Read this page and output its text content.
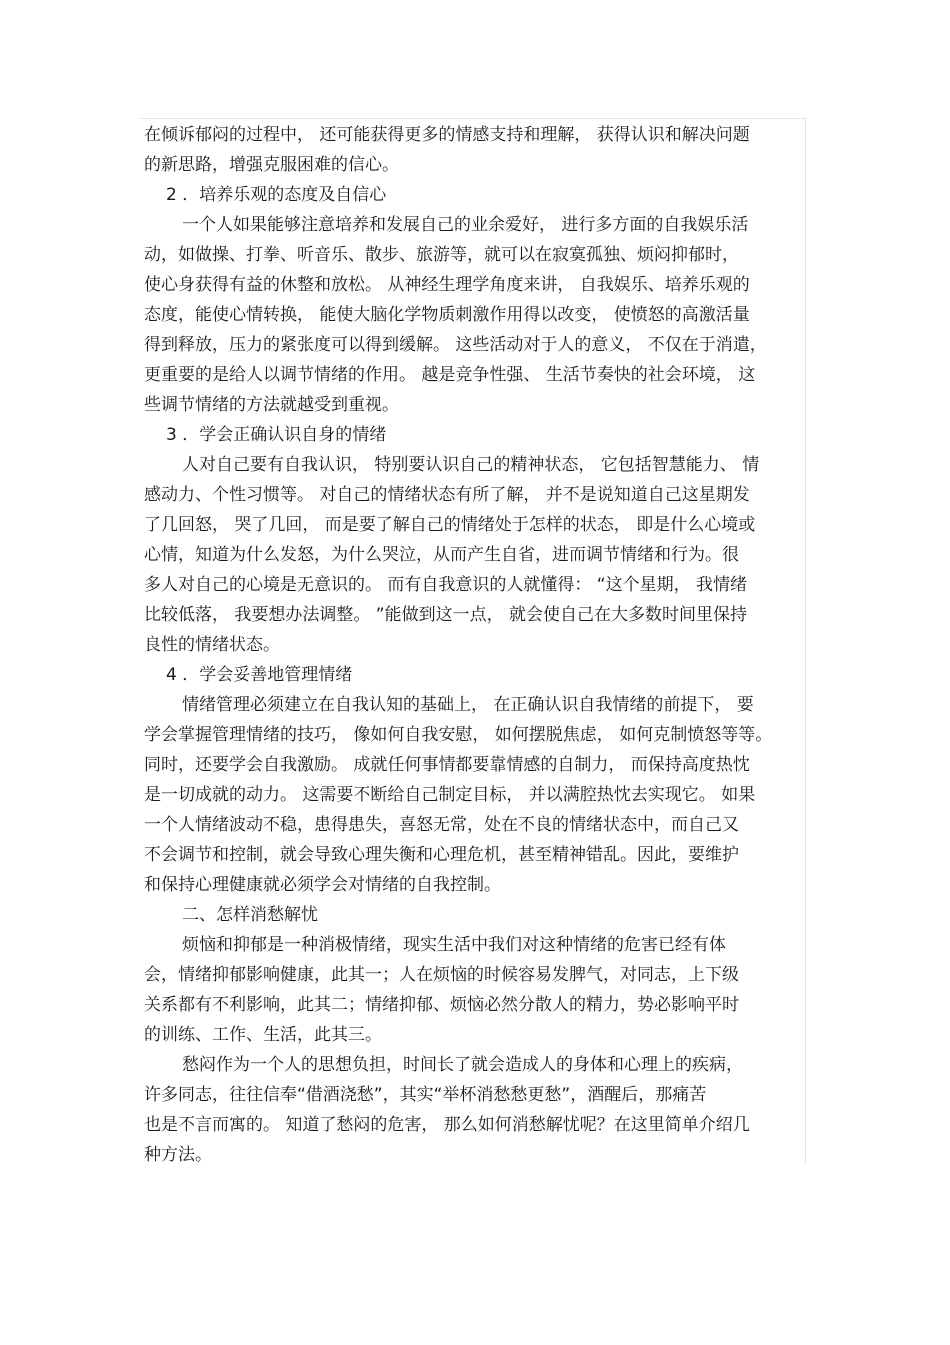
在倾诉郁闷的过程中， 还可能获得更多的情感支持和理解， 获得认识和解决问题
的新思路，增强克服困难的信心。
2 ．培养乐观的态度及自信心
一个人如果能够注意培养和发展自己的业余爱好， 进行多方面的自我娱乐活
动，如做操、打拳、听音乐、散步、旅游等，就可以在寂寞孤独、烦闷抑郁时，
使心身获得有益的休整和放松。 从神经生理学角度来讲， 自我娱乐、培养乐观的
态度，能使心情转换， 能使大脑化学物质刺激作用得以改变， 使愤怒的高激活量
得到释放，压力的紧张度可以得到缓解。 这些活动对于人的意义， 不仅在于消遣，
更重要的是给人以调节情绪的作用。 越是竞争性强、 生活节奏快的社会环境， 这
些调节情绪的方法就越受到重视。
3 ．学会正确认识自身的情绪
人对自己要有自我认识， 特别要认识自己的精神状态， 它包括智慧能力、 情
感动力、个性习惯等。 对自己的情绪状态有所了解， 并不是说知道自己这星期发
了几回怒， 哭了几回， 而是要了解自己的情绪处于怎样的状态， 即是什么心境或
心情，知道为什么发怒，为什么哭泣，从而产生自省，进而调节情绪和行为。很
多人对自己的心境是无意识的。 而有自我意识的人就懂得： “这个星期， 我情绪
比较低落， 我要想办法调整。 ”能做到这一点， 就会使自己在大多数时间里保持
良性的情绪状态。
4 ．学会妥善地管理情绪
情绪管理必须建立在自我认知的基础上， 在正确认识自我情绪的前提下， 要
学会掌握管理情绪的技巧， 像如何自我安慰， 如何摆脱焦虑， 如何克制愤怒等等。
同时，还要学会自我激励。 成就任何事情都要靠情感的自制力， 而保持高度热忱
是一切成就的动力。 这需要不断给自己制定目标， 并以满腔热忱去实现它。 如果
一个人情绪波动不稳，患得患失，喜怒无常，处在不良的情绪状态中，而自己又
不会调节和控制，就会导致心理失衡和心理危机，甚至精神错乱。因此，要维护
和保持心理健康就必须学会对情绪的自我控制。
二、怎样消愁解忧
烦恼和抑郁是一种消极情绪，现实生活中我们对这种情绪的危害已经有体
会，情绪抑郁影响健康，此其一；人在烦恼的时候容易发脾气，对同志，上下级
关系都有不利影响，此其二；情绪抑郁、烦恼必然分散人的精力，势必影响平时
的训练、工作、生活，此其三。
愁闷作为一个人的思想负担，时间长了就会造成人的身体和心理上的疾病，
许多同志，往往信奉“借酒浇愁”，其实“举杯消愁愁更愁”，酒醒后，那痛苦
也是不言而寓的。 知道了愁闷的危害， 那么如何消愁解忧呢？在这里简单介绍几
种方法。
